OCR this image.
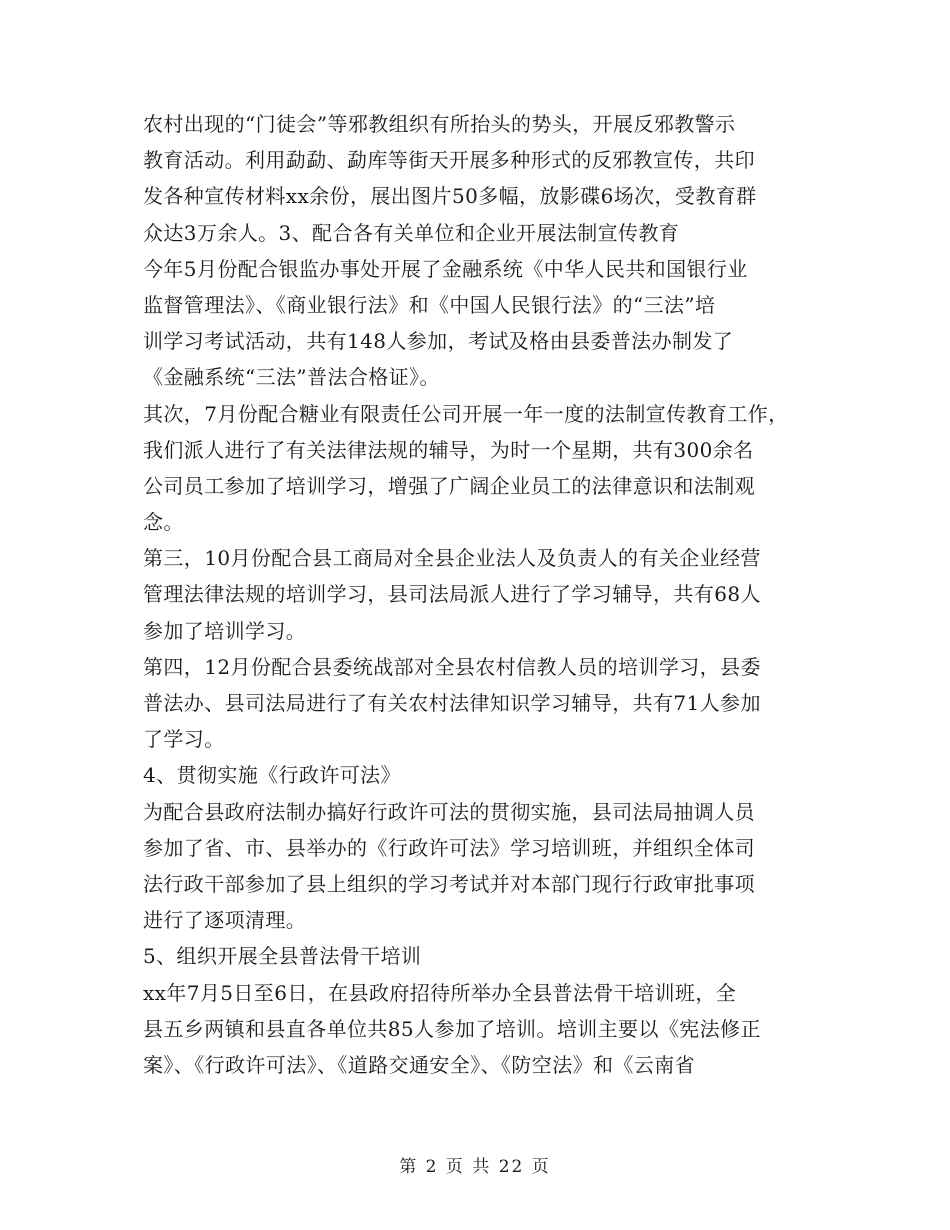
农村出现的“门徒会”等邪教组织有所抬头的势头，开展反邪教警示
教育活动。利用勐勐、勐库等街天开展多种形式的反邪教宣传，共印
发各种宣传材料xx余份，展出图片50多幅，放影碟6场次，受教育群
众达3万余人。3、配合各有关单位和企业开展法制宣传教育
今年5月份配合银监办事处开展了金融系统《中华人民共和国银行业
监督管理法》、《商业银行法》和《中国人民银行法》的“三法”培
训学习考试活动，共有148人参加，考试及格由县委普法办制发了
《金融系统“三法”普法合格证》。
其次，7月份配合糖业有限责任公司开展一年一度的法制宣传教育工作，
我们派人进行了有关法律法规的辅导，为时一个星期，共有300余名
公司员工参加了培训学习，增强了广阔企业员工的法律意识和法制观
念。
第三，10月份配合县工商局对全县企业法人及负责人的有关企业经营
管理法律法规的培训学习，县司法局派人进行了学习辅导，共有68人
参加了培训学习。
第四，12月份配合县委统战部对全县农村信教人员的培训学习，县委
普法办、县司法局进行了有关农村法律知识学习辅导，共有71人参加
了学习。
4、贯彻实施《行政许可法》
为配合县政府法制办搞好行政许可法的贯彻实施，县司法局抽调人员
参加了省、市、县举办的《行政许可法》学习培训班，并组织全体司
法行政干部参加了县上组织的学习考试并对本部门现行行政审批事项
进行了逐项清理。
5、组织开展全县普法骨干培训
xx年7月5日至6日，在县政府招待所举办全县普法骨干培训班，全
县五乡两镇和县直各单位共85人参加了培训。培训主要以《宪法修正
案》、《行政许可法》、《道路交通安全》、《防空法》和《云南省
第 2 页 共 22 页
